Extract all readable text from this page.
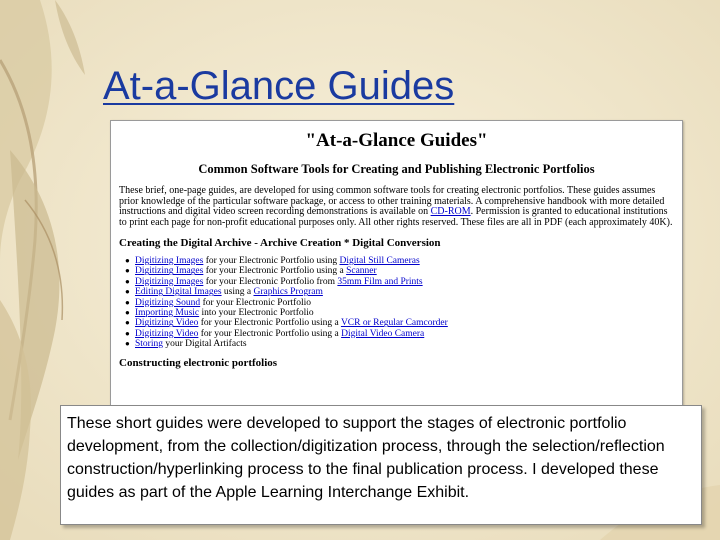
At-a-Glance Guides
"At-a-Glance Guides"
Common Software Tools for Creating and Publishing Electronic Portfolios

These brief, one-page guides, are developed for using common software tools for creating electronic portfolios. These guides assumes prior knowledge of the particular software package, or access to other training materials. A comprehensive handbook with more detailed instructions and digital video screen recording demonstrations is available on CD-ROM. Permission is granted to educational institutions to print each page for non-profit educational purposes only. All other rights reserved. These files are all in PDF (each approximately 40K).

Creating the Digital Archive - Archive Creation * Digital Conversion
● Digitizing Images for your Electronic Portfolio using Digital Still Cameras
● Digitizing Images for your Electronic Portfolio using a Scanner
● Digitizing Images for your Electronic Portfolio from 35mm Film and Prints
● Editing Digital Images using a Graphics Program
● Digitizing Sound for your Electronic Portfolio
● Importing Music into your Electronic Portfolio
● Digitizing Video for your Electronic Portfolio using a VCR or Regular Camcorder
● Digitizing Video for your Electronic Portfolio using a Digital Video Camera
● Storing your Digital Artifacts
Constructing electronic portfolios

These short guides were developed to support the stages of electronic portfolio development, from the collection/digitization process, through the selection/reflection construction/hyperlinking process to the final publication process. I developed these guides as part of the Apple Learning Interchange Exhibit.
